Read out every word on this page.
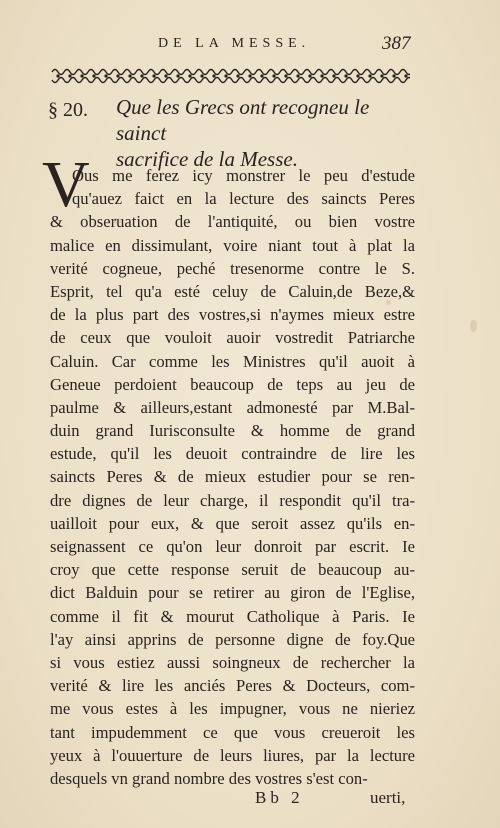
DE LA MESSE.	387
§ 20. Que les Grecs ont recogneu le sainct
sacrifice de la Messe.
V
Ous me ferez icy monstrer le peu d'estude
qu'auez faict en la lecture des saincts Peres
& obseruation de l'antiquité, ou bien vostre
malice en dissimulant, voire niant tout à plat la
verité cogneue, peché tresenorme contre le S.
Esprit, tel qu'a esté celuy de Caluin,de Beze,&
de la plus part des vostres,si n'aymes mieux estre
de ceux que vouloit auoir vostredit Patriarche
Caluin. Car comme les Ministres qu'il auoit à
Geneue perdoient beaucoup de teps au jeu de
paulme & ailleurs,estant admonesté par M.Bal-
duin grand Iurisconsulte & homme de grand
estude, qu'il les deuoit contraindre de lire les
saincts Peres & de mieux estudier pour se ren-
dre dignes de leur charge, il respondit qu'il tra-
uailloit pour eux, & que seroit assez qu'ils en-
seignassent ce qu'on leur donroit par escrit. Ie
croy que cette response seruit de beaucoup au-
dict Balduin pour se retirer au giron de l'Eglise,
comme il fit & mourut Catholique à Paris. Ie
l'ay ainsi apprins de personne digne de foy.Que
si vous estiez aussi soingneux de rechercher la
verité & lire les anciés Peres & Docteurs, com-
me vous estes à les impugner, vous ne nieriez
tant impudemment ce que vous creueroit les
yeux à l'ouuerture de leurs liures, par la lecture
desquels vn grand nombre des vostres s'est con-
Bb 2	uerti,
